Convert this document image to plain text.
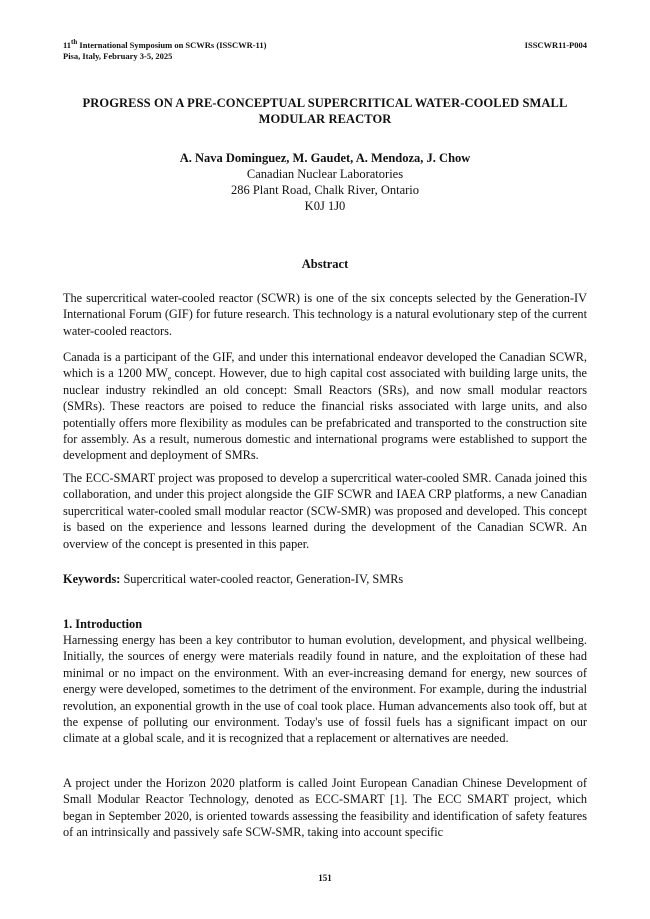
11th International Symposium on SCWRs (ISSCWR-11)
Pisa, Italy, February 3-5, 2025
ISSCWR11-P004
PROGRESS ON A PRE-CONCEPTUAL SUPERCRITICAL WATER-COOLED SMALL
MODULAR REACTOR
A. Nava Dominguez, M. Gaudet, A. Mendoza, J. Chow
Canadian Nuclear Laboratories
286 Plant Road, Chalk River, Ontario
K0J 1J0
Abstract
The supercritical water-cooled reactor (SCWR) is one of the six concepts selected by the Generation-IV International Forum (GIF) for future research. This technology is a natural evolutionary step of the current water-cooled reactors.
Canada is a participant of the GIF, and under this international endeavor developed the Canadian SCWR, which is a 1200 $MW_e$ concept. However, due to high capital cost associated with building large units, the nuclear industry rekindled an old concept: Small Reactors (SRs), and now small modular reactors (SMRs). These reactors are poised to reduce the financial risks associated with large units, and also potentially offers more flexibility as modules can be prefabricated and transported to the construction site for assembly. As a result, numerous domestic and international programs were established to support the development and deployment of SMRs.
The ECC-SMART project was proposed to develop a supercritical water-cooled SMR. Canada joined this collaboration, and under this project alongside the GIF SCWR and IAEA CRP platforms, a new Canadian supercritical water-cooled small modular reactor (SCW-SMR) was proposed and developed. This concept is based on the experience and lessons learned during the development of the Canadian SCWR. An overview of the concept is presented in this paper.
Keywords: Supercritical water-cooled reactor, Generation-IV, SMRs
1. Introduction
Harnessing energy has been a key contributor to human evolution, development, and physical wellbeing. Initially, the sources of energy were materials readily found in nature, and the exploitation of these had minimal or no impact on the environment. With an ever-increasing demand for energy, new sources of energy were developed, sometimes to the detriment of the environment. For example, during the industrial revolution, an exponential growth in the use of coal took place. Human advancements also took off, but at the expense of polluting our environment. Today's use of fossil fuels has a significant impact on our climate at a global scale, and it is recognized that a replacement or alternatives are needed.
A project under the Horizon 2020 platform is called Joint European Canadian Chinese Development of Small Modular Reactor Technology, denoted as ECC-SMART [1]. The ECC SMART project, which began in September 2020, is oriented towards assessing the feasibility and identification of safety features of an intrinsically and passively safe SCW-SMR, taking into account specific
151
